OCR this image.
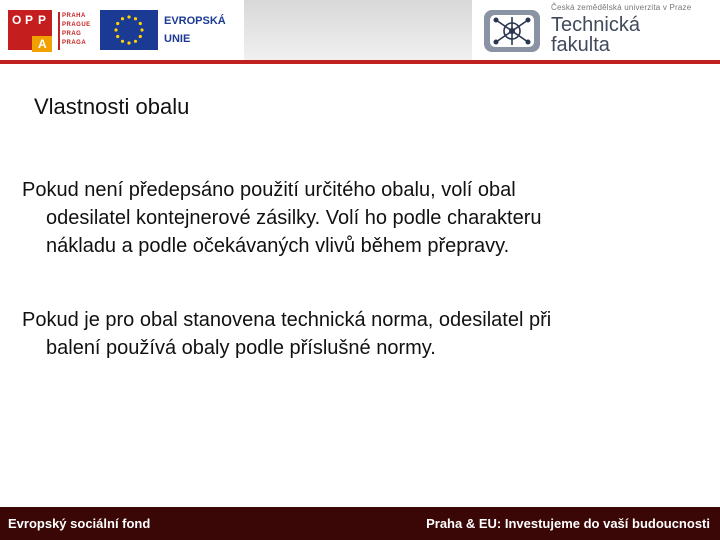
O P P
A
PRAHA
PRAGUE
PRAG
PRAGA
EVROPSKÁ
UNIE
Česká zemědělská univerzita v Praze
Technická
fakulta
Vlastnosti obalu
Pokud není předepsáno použití určitého obalu, volí obal
odesilatel kontejnerové zásilky. Volí ho podle charakteru
nákladu a podle očekávaných vlivů během přepravy.
Pokud je pro obal stanovena technická norma, odesilatel při
balení používá obaly podle příslušné normy.
Evropský sociální fond	Praha & EU: Investujeme do vaší budoucnosti
